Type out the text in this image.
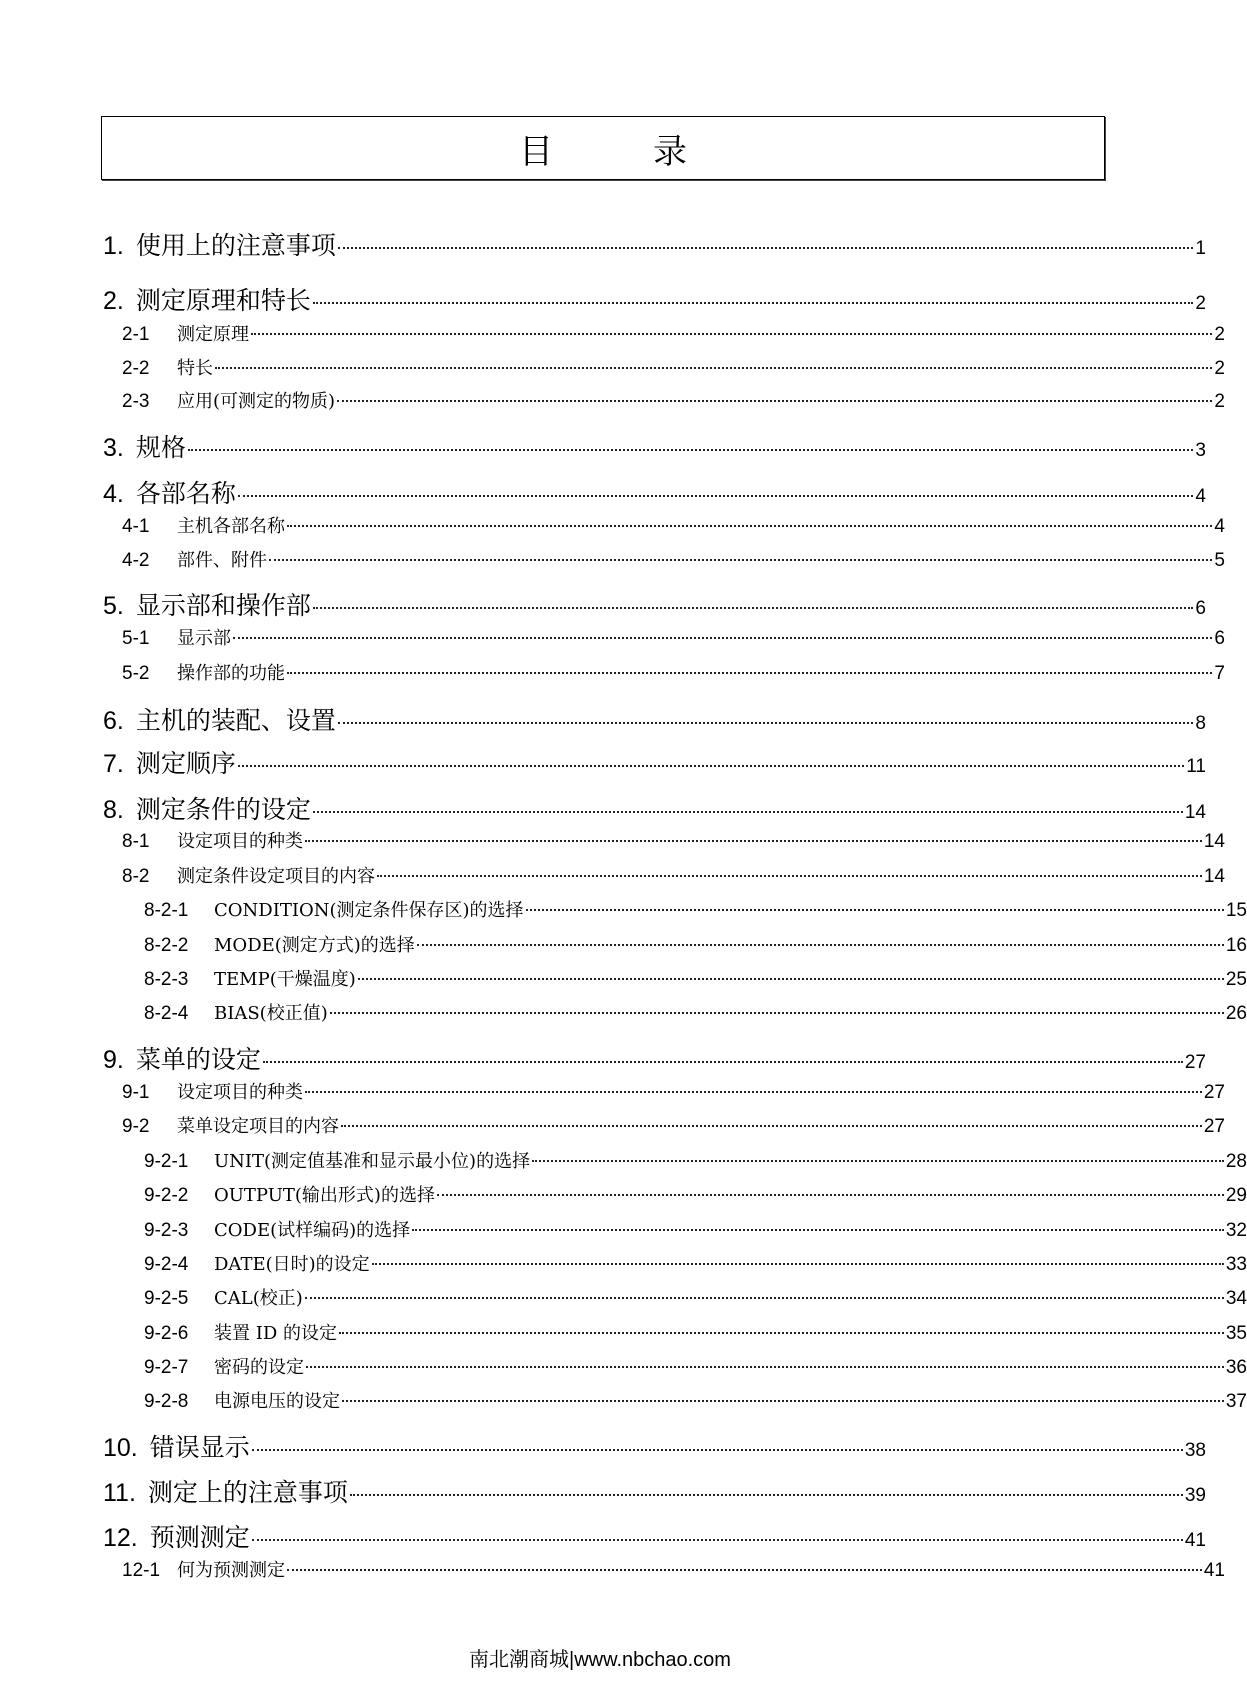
目	录
1. 使用上的注意事项	1
2. 测定原理和特长	2
2-1	测定原理	2
2-2	特长	2
2-3	应用(可测定的物质)	2
3. 规格	3
4. 各部名称	4
4-1	主机各部名称	4
4-2	部件、附件	5
5. 显示部和操作部	6
5-1	显示部	6
5-2	操作部的功能	7
6. 主机的装配、设置	8
7. 测定顺序	11
8. 测定条件的设定	14
8-1	设定项目的种类	14
8-2	测定条件设定项目的内容	14
8-2-1	CONDITION(测定条件保存区)的选择	15
8-2-2	MODE(测定方式)的选择	16
8-2-3	TEMP(干燥温度)	25
8-2-4	BIAS(校正值)	26
9. 菜单的设定	27
9-1	设定项目的种类	27
9-2	菜单设定项目的内容	27
9-2-1	UNIT(测定值基准和显示最小位)的选择	28
9-2-2	OUTPUT(输出形式)的选择	29
9-2-3	CODE(试样编码)的选择	32
9-2-4	DATE(日时)的设定	33
9-2-5	CAL(校正)	34
9-2-6	装置 ID 的设定	35
9-2-7	密码的设定	36
9-2-8	电源电压的设定	37
10. 错误显示	38
11. 测定上的注意事项	39
12. 预测测定	41
12-1 何为预测测定	41
南北潮商城|www.nbchao.com
